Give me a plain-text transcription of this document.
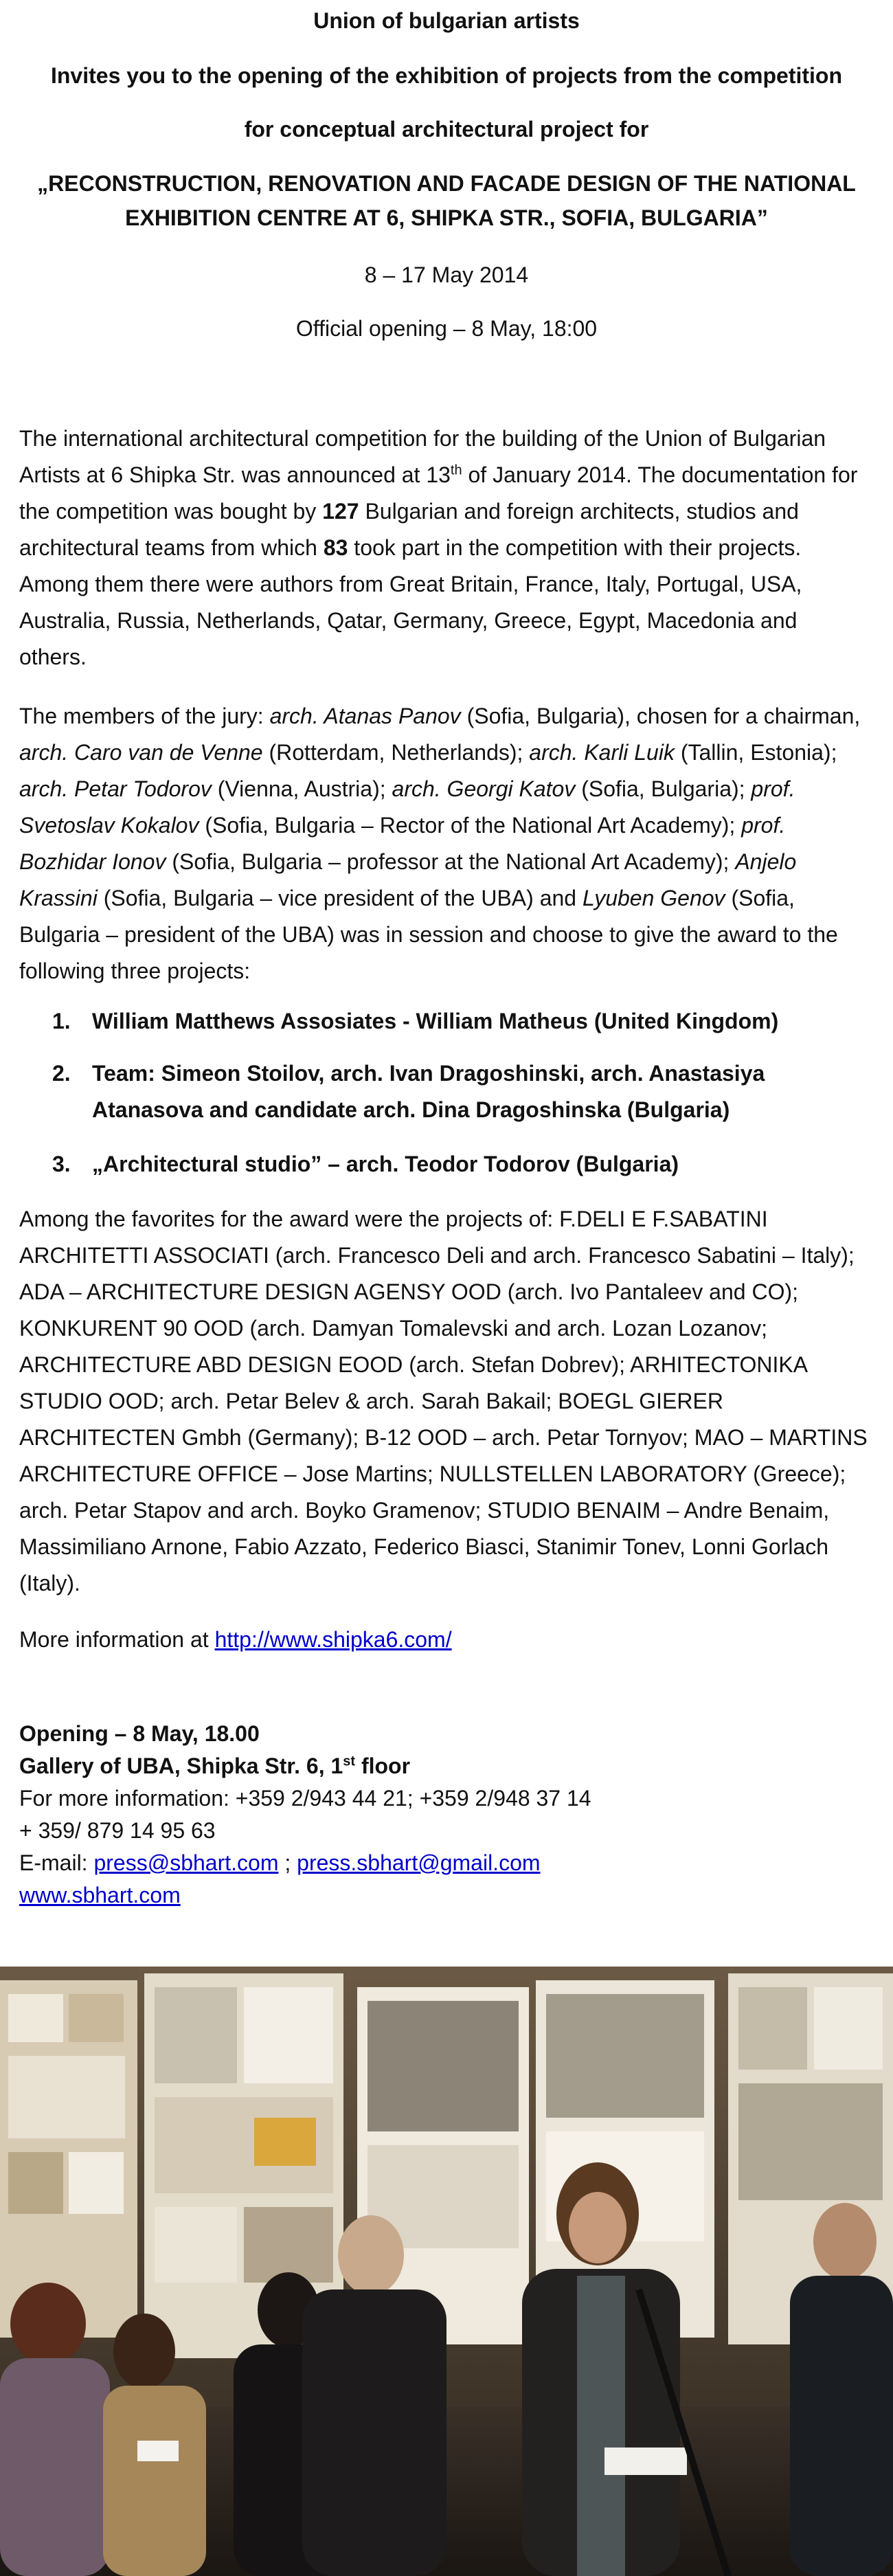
Union of bulgarian artists
Invites you to the opening of the exhibition of projects from the competition
for conceptual architectural project for
„RECONSTRUCTION, RENOVATION AND FACADE DESIGN OF THE NATIONAL EXHIBITION CENTRE AT 6, SHIPKA STR., SOFIA, BULGARIA”
8 – 17 May 2014
Official opening – 8 May, 18:00
The international architectural competition for the building of the Union of Bulgarian Artists at 6 Shipka Str. was announced at 13th of January 2014. The documentation for the competition was bought by 127 Bulgarian and foreign architects, studios and architectural teams from which 83 took part in the competition with their projects. Among them there were authors from Great Britain, France, Italy, Portugal, USA, Australia, Russia, Netherlands, Qatar, Germany, Greece, Egypt, Macedonia and others.
The members of the jury: arch. Atanas Panov (Sofia, Bulgaria), chosen for a chairman, arch. Caro van de Venne (Rotterdam, Netherlands); arch. Karli Luik (Tallin, Estonia); arch. Petar Todorov (Vienna, Austria); arch. Georgi Katov (Sofia, Bulgaria); prof. Svetoslav Kokalov (Sofia, Bulgaria – Rector of the National Art Academy); prof. Bozhidar Ionov (Sofia, Bulgaria – professor at the National Art Academy); Anjelo Krassini (Sofia, Bulgaria – vice president of the UBA) and Lyuben Genov (Sofia, Bulgaria – president of the UBA) was in session and choose to give the award to the following three projects:
1. William Matthews Assosiates - William Matheus (United Kingdom)
2. Team: Simeon Stoilov, arch. Ivan Dragoshinski, arch. Anastasiya Atanasova and candidate arch. Dina Dragoshinska (Bulgaria)
3. „Architectural studio” – arch. Teodor Todorov (Bulgaria)
Among the favorites for the award were the projects of: F.DELI E F.SABATINI ARCHITETTI ASSOCIATI (arch. Francesco Deli and arch. Francesco Sabatini – Italy); ADA – ARCHITECTURE DESIGN AGENSY OOD (arch. Ivo Pantaleev and CO); KONKURENT 90 OOD (arch. Damyan Tomalevski and arch. Lozan Lozanov; ARCHITECTURE ABD DESIGN EOOD (arch. Stefan Dobrev); ARHITECTONIKA STUDIO OOD; arch. Petar Belev & arch. Sarah Bakail; BOEGL GIERER ARCHITECTEN Gmbh (Germany); B-12 OOD – arch. Petar Tornyov; MAO – MARTINS ARCHITECTURE OFFICE – Jose Martins; NULLSTELLEN LABORATORY (Greece); arch. Petar Stapov and arch. Boyko Gramenov; STUDIO BENAIM – Andre Benaim, Massimiliano Arnone, Fabio Azzato, Federico Biasci, Stanimir Tonev, Lonni Gorlach (Italy).
More information at http://www.shipka6.com/
Opening – 8 May, 18.00
Gallery of UBA, Shipka Str. 6, 1st floor
For more information: +359 2/943 44 21; +359 2/948 37 14
+ 359/ 879 14 95 63
E-mail: press@sbhart.com ; press.sbhart@gmail.com
www.sbhart.com
